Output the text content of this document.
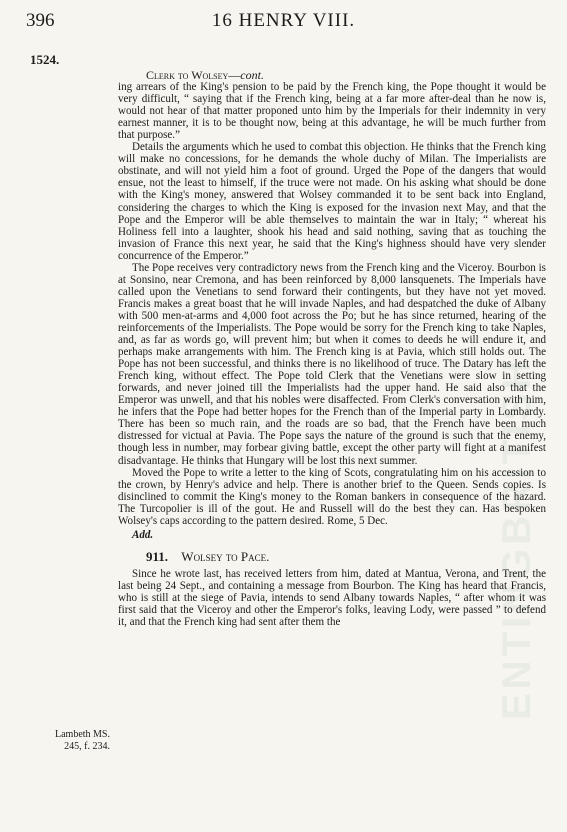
ENTINGBRITISH
396	16 HENRY VIII.
1524.
Clerk to Wolsey—cont.

ing arrears of the King's pension to be paid by the French king, the Pope thought it would be very difficult, “ saying that if the French king, being at a far more after-deal than he now is, would not hear of that matter proponed unto him by the Imperials for their indemnity in very earnest manner, it is to be thought now, being at this advantage, he will be much further from that purpose.”

Details the arguments which he used to combat this objection. He thinks that the French king will make no concessions, for he demands the whole duchy of Milan. The Imperialists are obstinate, and will not yield him a foot of ground. Urged the Pope of the dangers that would ensue, not the least to himself, if the truce were not made. On his asking what should be done with the King's money, answered that Wolsey commanded it to be sent back into England, considering the charges to which the King is exposed for the invasion next May, and that the Pope and the Emperor will be able themselves to maintain the war in Italy; “ whereat his Holiness fell into a laughter, shook his head and said nothing, saving that as touching the invasion of France this next year, he said that the King's highness should have very slender concurrence of the Emperor.”

The Pope receives very contradictory news from the French king and the Viceroy. Bourbon is at Sonsino, near Cremona, and has been reinforced by 8,000 lansquenets. The Imperials have called upon the Venetians to send forward their contingents, but they have not yet moved. Francis makes a great boast that he will invade Naples, and had despatched the duke of Albany with 500 men-at-arms and 4,000 foot across the Po; but he has since returned, hearing of the reinforcements of the Imperialists. The Pope would be sorry for the French king to take Naples, and, as far as words go, will prevent him; but when it comes to deeds he will endure it, and perhaps make arrangements with him. The French king is at Pavia, which still holds out. The Pope has not been successful, and thinks there is no likelihood of truce. The Datary has left the French king, without effect. The Pope told Clerk that the Venetians were slow in setting forwards, and never joined till the Imperialists had the upper hand. He said also that the Emperor was unwell, and that his nobles were disaffected. From Clerk's conversation with him, he infers that the Pope had better hopes for the French than of the Imperial party in Lombardy. There has been so much rain, and the roads are so bad, that the French have been much distressed for victual at Pavia. The Pope says the nature of the ground is such that the enemy, though less in number, may forbear giving battle, except the other party will fight at a manifest disadvantage. He thinks that Hungary will be lost this next summer.

Moved the Pope to write a letter to the king of Scots, congratulating him on his accession to the crown, by Henry's advice and help. There is another brief to the Queen. Sends copies. Is disinclined to commit the King's money to the Roman bankers in consequence of the hazard. The Turcopolier is ill of the gout. He and Russell will do the best they can. Has bespoken Wolsey's caps according to the pattern desired. Rome, 5 Dec.

Add.
911. Wolsey to Pace.

Since he wrote last, has received letters from him, dated at Mantua, Verona, and Trent, the last being 24 Sept., and containing a message from Bourbon. The King has heard that Francis, who is still at the siege of Pavia, intends to send Albany towards Naples, “ after whom it was first said that the Viceroy and other the Emperor's folks, leaving Lody, were passed ” to defend it, and that the French king had sent after them the

Lambeth MS.
245, f. 234.
